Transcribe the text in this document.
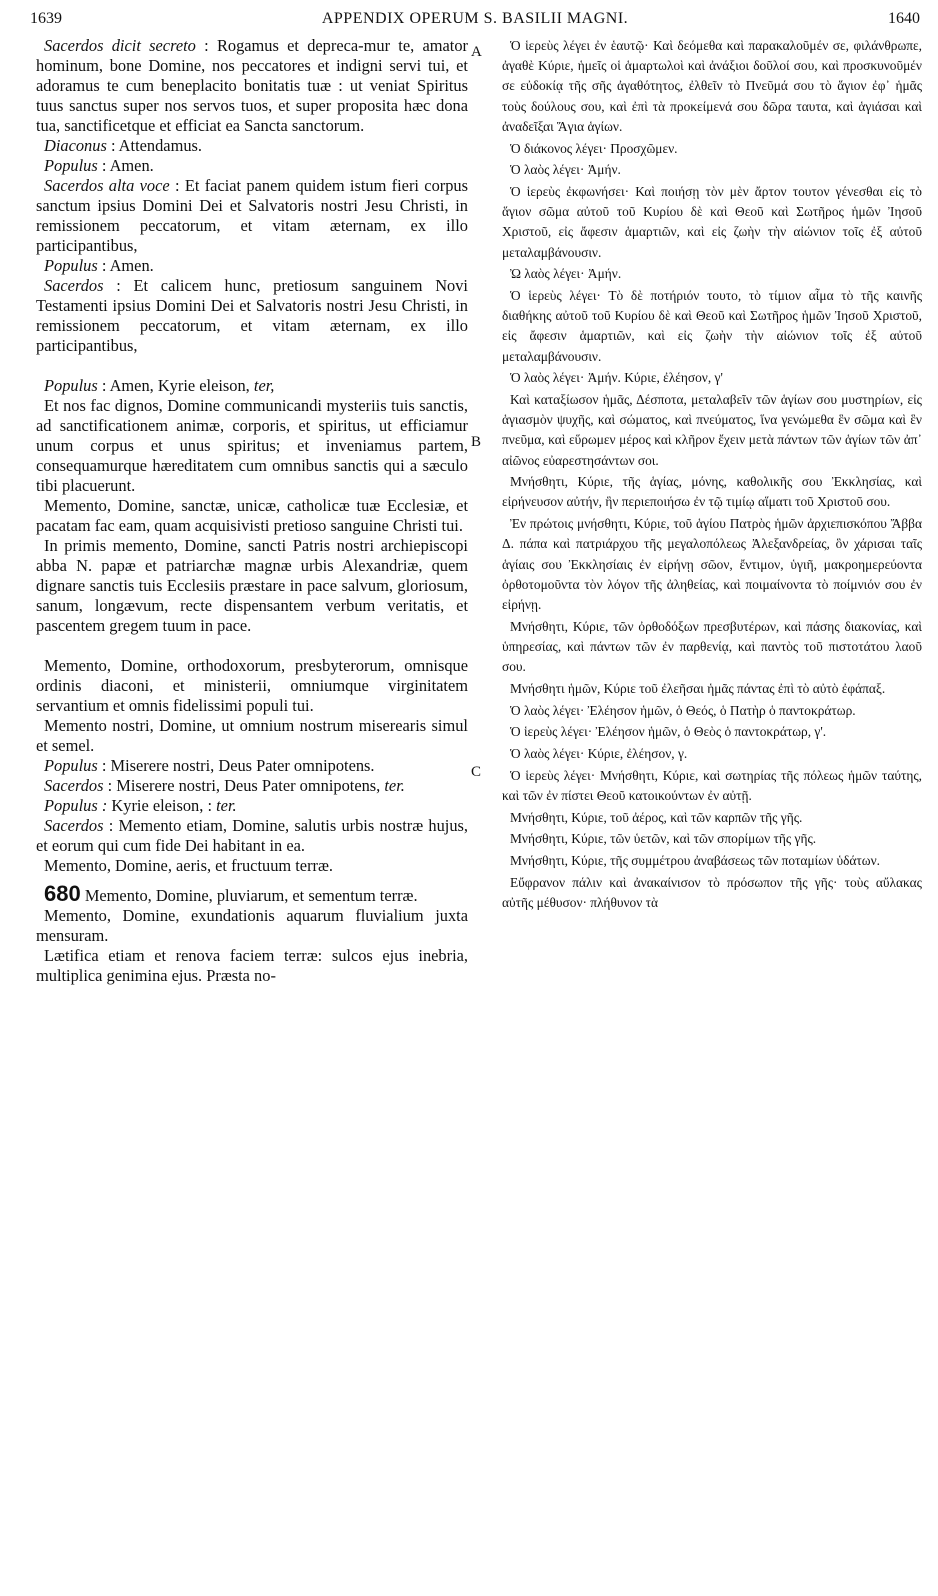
1639	APPENDIX OPERUM S. BASILII MAGNI.	1640
A
B
C

Sacerdos dicit secreto : Rogamus et depreca-mur te, amator hominum, bone Domine, nos peccatores et indigni servi tui, et adoramus te cum beneplacito bonitatis tuæ : ut veniat Spiritus tuus sanctus super nos servos tuos, et super proposita hæc dona tua, sanctificetque et efficiat ea Sancta sanctorum.

Diaconus : Attendamus.

Populus : Amen.

Sacerdos alta voce : Et faciat panem quidem istum fieri corpus sanctum ipsius Domini Dei et Salvatoris nostri Jesu Christi, in remissionem peccatorum, et vitam æternam, ex illo participantibus,

Populus : Amen.

Sacerdos : Et calicem hunc, pretiosum sanguinem Novi Testamenti ipsius Domini Dei et Salvatoris nostri Jesu Christi, in remissionem peccatorum, et vitam æternam, ex illo participantibus,

Populus : Amen, Kyrie eleison, ter,

Et nos fac dignos, Domine communicandi mysteriis tuis sanctis, ad sanctificationem animæ, corporis, et spiritus, ut efficiamur unum corpus et unus spiritus; et inveniamus partem, consequamurque hæreditatem cum omnibus sanctis qui a sæculo tibi placuerunt.

Memento, Domine, sanctæ, unicæ, catholicæ tuæ Ecclesiæ, et pacatam fac eam, quam acquisivisti pretioso sanguine Christi tui.

In primis memento, Domine, sancti Patris nostri archiepiscopi abba N. papæ et patriarchæ magnæ urbis Alexandriæ, quem dignare sanctis tuis Ecclesiis præstare in pace salvum, gloriosum, sanum, longævum, recte dispensantem verbum veritatis, et pascentem gregem tuum in pace.

Memento, Domine, orthodoxorum, presbyterorum, omnisque ordinis diaconi, et ministerii, omniumque virginitatem servantium et omnis fidelissimi populi tui.

Memento nostri, Domine, ut omnium nostrum miserearis simul et semel.

Populus : Miserere nostri, Deus Pater omnipotens.

Sacerdos : Miserere nostri, Deus Pater omnipotens, ter.

Populus : Kyrie eleison, : ter.

Sacerdos : Memento etiam, Domine, salutis urbis nostræ hujus, et eorum qui cum fide Dei habitant in ea.

Memento, Domine, aeris, et fructuum terræ.

680 Memento, Domine, pluviarum, et sementum terræ.

Memento, Domine, exundationis aquarum fluvialium juxta mensuram.

Lætifica etiam et renova faciem terræ: sulcos ejus inebria, multiplica genimina ejus. Præsta no-

Ὁ ἱερεὺς λέγει ἐν ἑαυτῷ· Καὶ δεόμεθα καὶ παρακαλοῦμέν σε, φιλάνθρωπε, ἀγαθὲ Κύριε, ἡμεῖς οἱ ἁμαρτωλοὶ καὶ ἀνάξιοι δοῦλοί σου, καὶ προσκυνοῦμέν σε εὐδοκίᾳ τῆς σῆς ἀγαθότητος, ἐλθεῖν τὸ Πνεῦμά σου τὸ ἅγιον ἐφ᾽ ἡμᾶς τοὺς δούλους σου, καὶ ἐπὶ τὰ προκείμενά σου δῶρα ταυτα, καὶ ἁγιάσαι καὶ ἀναδεῖξαι Ἅγια ἁγίων.

Ὁ διάκονος λέγει· Προσχῶμεν.

Ὁ λαὸς λέγει· Ἀμήν.

Ὁ ἱερεὺς ἐκφωνήσει· Καὶ ποιήσῃ τὸν μὲν ἄρτον τουτον γένεσθαι εἰς τὸ ἅγιον σῶμα αὐτοῦ τοῦ Κυρίου δὲ καὶ Θεοῦ καὶ Σωτῆρος ἡμῶν Ἰησοῦ Χριστοῦ, εἰς ἄφεσιν ἁμαρτιῶν, καὶ εἰς ζωὴν τὴν αἰώνιον τοῖς ἐξ αὐτοῦ μεταλαμβάνουσιν.

Ὠ λαὸς λέγει· Ἀμήν.

Ὁ ἱερεὺς λέγει· Τὸ δὲ ποτήριόν τουτο, τὸ τίμιον αἷμα τὸ τῆς καινῆς διαθήκης αὐτοῦ τοῦ Κυρίου δὲ καὶ Θεοῦ καὶ Σωτῆρος ἡμῶν Ἰησοῦ Χριστοῦ, εἰς ἄφεσιν ἁμαρτιῶν, καὶ εἰς ζωὴν τὴν αἰώνιον τοῖς ἐξ αὐτοῦ μεταλαμβάνουσιν.

Ὁ λαὸς λέγει· Ἀμήν. Κύριε, ἐλέησον, γ'

Καὶ καταξίωσον ἡμᾶς, Δέσποτα, μεταλαβεῖν τῶν ἁγίων σου μυστηρίων, εἰς ἁγιασμὸν ψυχῆς, καὶ σώματος, καὶ πνεύματος, ἵνα γενώμεθα ἓν σῶμα καὶ ἓν πνεῦμα, καὶ εὕρωμεν μέρος καὶ κλῆρον ἔχειν μετὰ πάντων τῶν ἁγίων τῶν ἀπ᾽ αἰῶνος εὐαρεστησάντων σοι.

Μνήσθητι, Κύριε, τῆς ἁγίας, μόνης, καθολικῆς σου Ἐκκλησίας, καὶ εἰρήνευσον αὐτήν, ἣν περιεποιήσω ἐν τῷ τιμίῳ αἵματι τοῦ Χριστοῦ σου.

Ἐν πρώτοις μνήσθητι, Κύριε, τοῦ ἁγίου Πατρὸς ἡμῶν ἀρχιεπισκόπου Ἄββα Δ. πάπα καὶ πατριάρχου τῆς μεγαλοπόλεως Ἀλεξανδρείας, ὃν χάρισαι ταῖς ἁγίαις σου Ἐκκλησίαις ἐν εἰρήνῃ σῶον, ἔντιμον, ὑγιῆ, μακροημερεύοντα ὀρθοτομοῦντα τὸν λόγον τῆς ἀληθείας, καὶ ποιμαίνοντα τὸ ποίμνιόν σου ἐν εἰρήνῃ.

Μνήσθητι, Κύριε, τῶν ὀρθοδόξων πρεσβυτέρων, καὶ πάσης διακονίας, καὶ ὑπηρεσίας, καὶ πάντων τῶν ἐν παρθενίᾳ, καὶ παντὸς τοῦ πιστοτάτου λαοῦ σου.

Μνήσθητι ἡμῶν, Κύριε τοῦ ἐλεῆσαι ἡμᾶς πάντας ἐπὶ τὸ αὐτὸ ἐφάπαξ.

Ὁ λαὸς λέγει· Ἐλέησον ἡμῶν, ὁ Θεός, ὁ Πατὴρ ὁ παντοκράτωρ.

Ὁ ἱερεὺς λέγει· Ἐλέησον ἡμῶν, ὁ Θεὸς ὁ παντοκράτωρ, γ'.

Ὁ λαὸς λέγει· Κύριε, ἐλέησον, γ.

Ὁ ἱερεὺς λέγει· Μνήσθητι, Κύριε, καὶ σωτηρίας τῆς πόλεως ἡμῶν ταύτης, καὶ τῶν ἐν πίστει Θεοῦ κατοικούντων ἐν αὐτῇ.

Μνήσθητι, Κύριε, τοῦ ἀέρος, καὶ τῶν καρπῶν τῆς γῆς.

Μνήσθητι, Κύριε, τῶν ὑετῶν, καὶ τῶν σπορίμων τῆς γῆς.

Μνήσθητι, Κύριε, τῆς συμμέτρου ἀναβάσεως τῶν ποταμίων ὑδάτων.

Εὔφρανον πάλιν καὶ ἀνακαίνισον τὸ πρόσωπον τῆς γῆς· τοὺς αὔλακας αὐτῆς μέθυσον· πλήθυνον τὰ
